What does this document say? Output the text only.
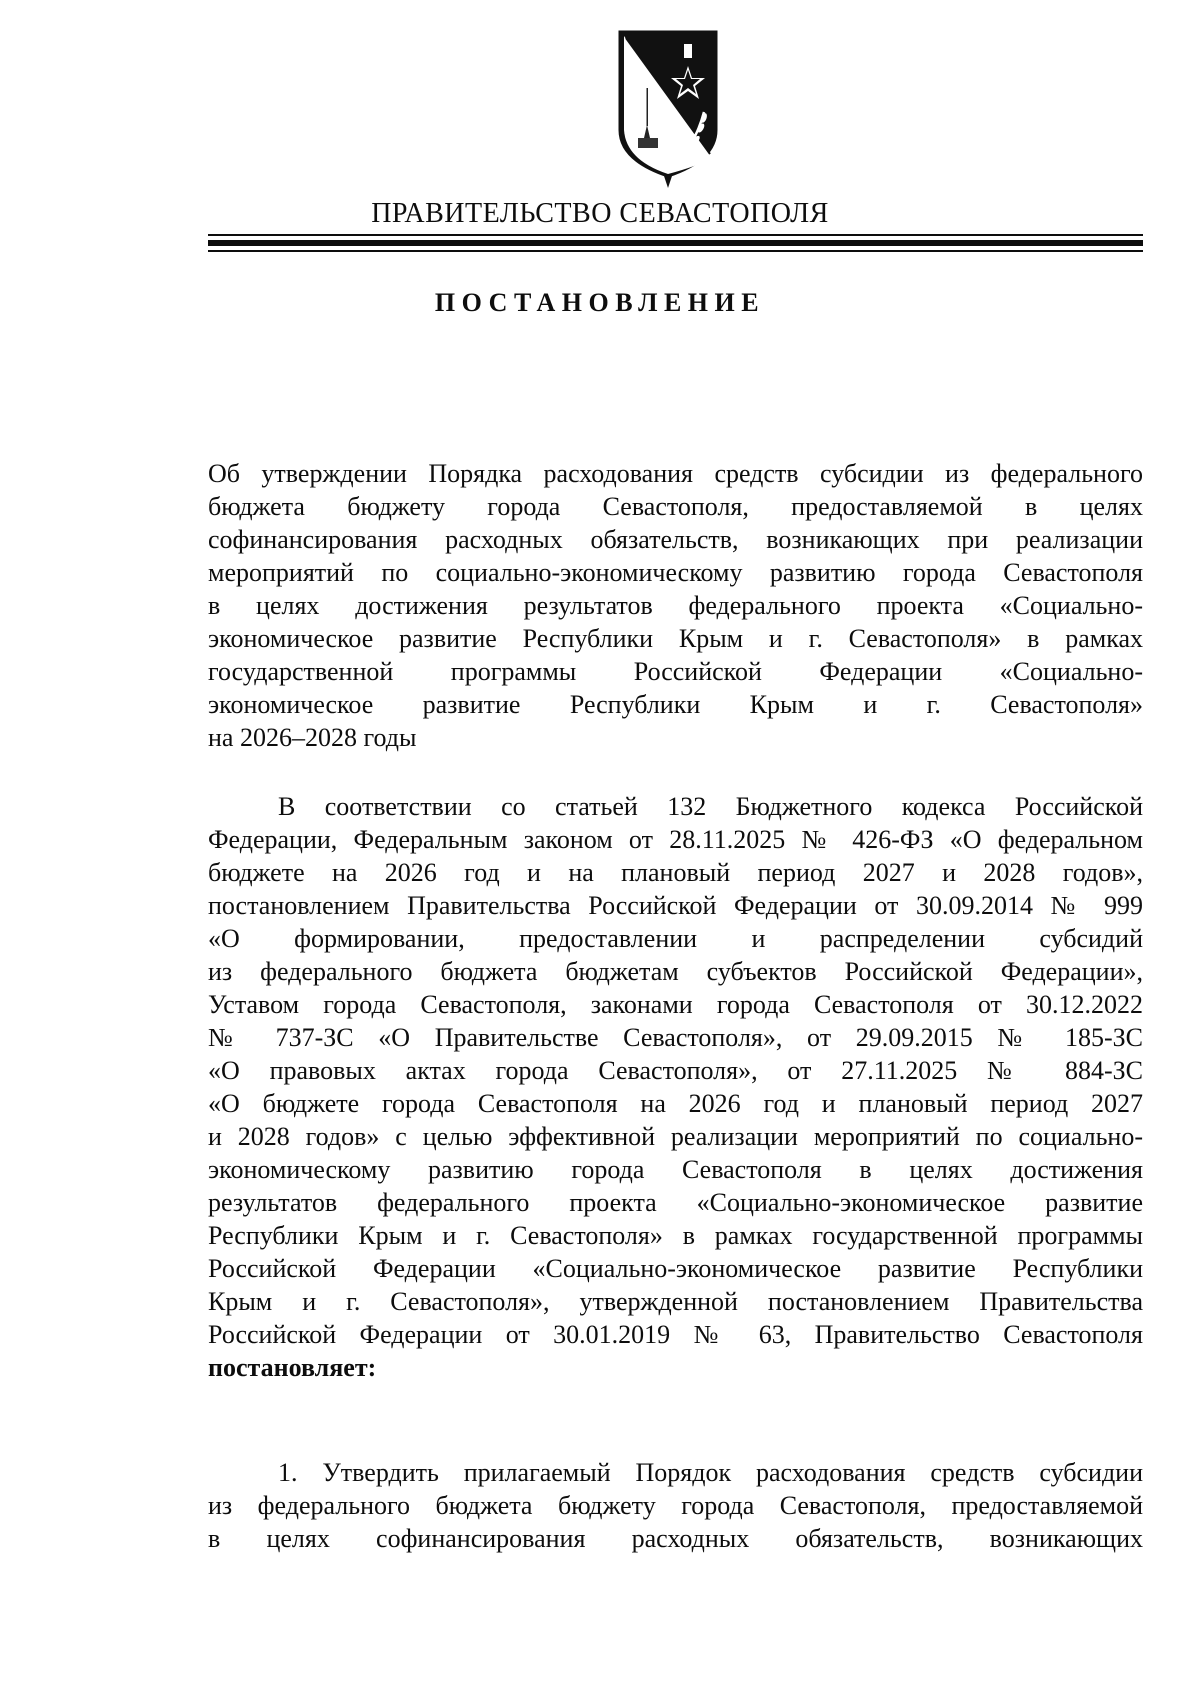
ПРАВИТЕЛЬСТВО СЕВАСТОПОЛЯ
ПОСТАНОВЛЕНИЕ
Об утверждении Порядка расходования средств субсидии из федерального
бюджета бюджету города Севастополя, предоставляемой в целях
софинансирования расходных обязательств, возникающих при реализации
мероприятий по социально-экономическому развитию города Севастополя
в целях достижения результатов федерального проекта «Социально-
экономическое развитие Республики Крым и г. Севастополя» в рамках
государственной программы Российской Федерации «Социально-
экономическое развитие Республики Крым и г. Севастополя»
на 2026–2028 годы
В соответствии со статьей 132 Бюджетного кодекса Российской
Федерации, Федеральным законом от 28.11.2025 № 426-ФЗ «О федеральном
бюджете на 2026 год и на плановый период 2027 и 2028 годов»,
постановлением Правительства Российской Федерации от 30.09.2014 № 999
«О формировании, предоставлении и распределении субсидий
из федерального бюджета бюджетам субъектов Российской Федерации»,
Уставом города Севастополя, законами города Севастополя от 30.12.2022
№ 737-ЗС «О Правительстве Севастополя», от 29.09.2015 № 185-ЗС
«О правовых актах города Севастополя», от 27.11.2025 № 884-ЗС
«О бюджете города Севастополя на 2026 год и плановый период 2027
и 2028 годов» с целью эффективной реализации мероприятий по социально-
экономическому развитию города Севастополя в целях достижения
результатов федерального проекта «Социально-экономическое развитие
Республики Крым и г. Севастополя» в рамках государственной программы
Российской Федерации «Социально-экономическое развитие Республики
Крым и г. Севастополя», утвержденной постановлением Правительства
Российской Федерации от 30.01.2019 № 63, Правительство Севастополя
постановляет:
1. Утвердить прилагаемый Порядок расходования средств субсидии
из федерального бюджета бюджету города Севастополя, предоставляемой
в целях софинансирования расходных обязательств, возникающих
